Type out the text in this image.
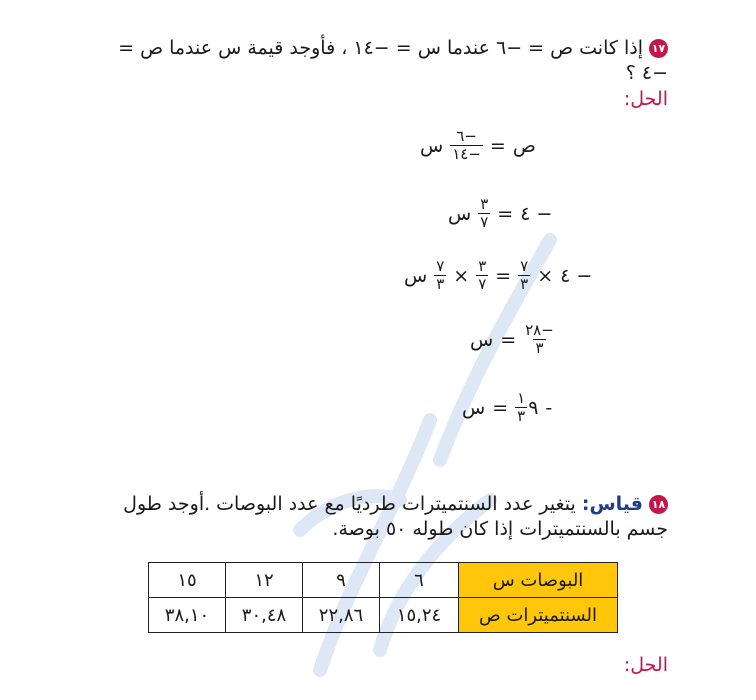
١٧إذا كانت ص = −٦ عندما س = −١٤ ، فأوجد قيمة س عندما ص = −٤ ؟
الحل:
ص
=
$\frac{-٦}{-١٤}$
س
− ٤
=
$\frac{٣}{٧}$
س
− ٤
×
$\frac{٧}{٣}$
=
$\frac{٣}{٧}$
×
$\frac{٧}{٣}$
س
$\frac{-٢٨}{٣}$
=
س
-
٩
$\frac{١}{٣}$
=
س
١٨قياس: يتغير عدد السنتميترات طرديًا مع عدد البوصات .أوجد طول جسم بالسنتميترات إذا كان طوله ٥٠ بوصة.
البوصات س	٦	٩	١٢	١٥
السنتميترات ص	١٥,٢٤	٢٢,٨٦	٣٠,٤٨	٣٨,١٠
الحل:
